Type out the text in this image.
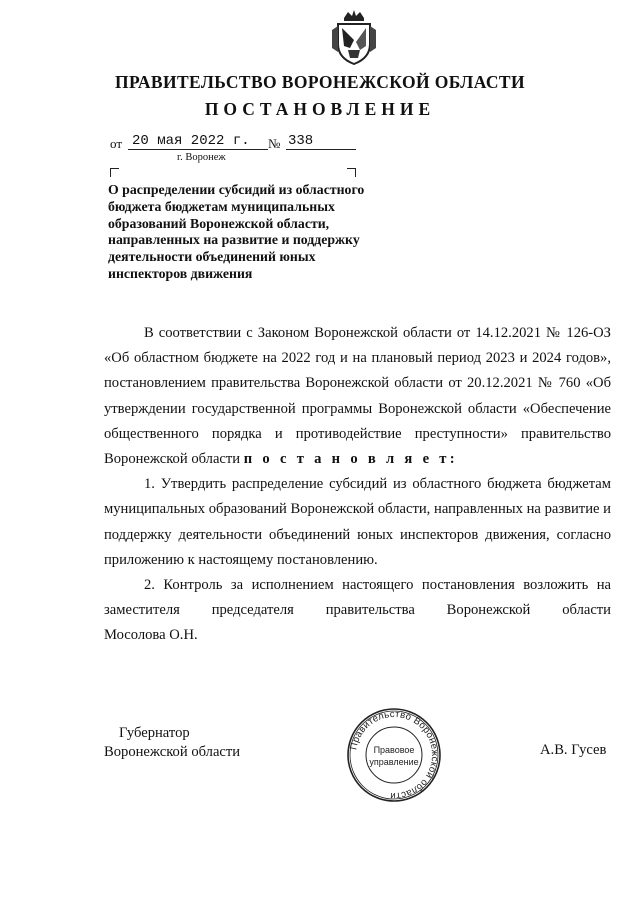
ПРАВИТЕЛЬСТВО ВОРОНЕЖСКОЙ ОБЛАСТИ
ПОСТАНОВЛЕНИЕ
от 20 мая 2022 г.	№ 338
г. Воронеж
О распределении субсидий из областного бюджета бюджетам муниципальных образований Воронежской области, направленных на развитие и поддержку деятельности объединений юных инспекторов движения

В соответствии с Законом Воронежской области от 14.12.2021 № 126-ОЗ «Об областном бюджете на 2022 год и на плановый период 2023 и 2024 годов», постановлением правительства Воронежской области от 20.12.2021 № 760 «Об утверждении государственной программы Воронежской области «Обеспечение общественного порядка и противодействие преступности» правительство Воронежской области п о с т а н о в л я е т:

1. Утвердить распределение субсидий из областного бюджета бюджетам муниципальных образований Воронежской области, направленных на развитие и поддержку деятельности объединений юных инспекторов движения, согласно приложению к настоящему постановлению.

2. Контроль за исполнением настоящего постановления возложить на заместителя председателя правительства Воронежской области

Мосолова О.Н.

Губернатор
Воронежской области	А.В. Гусев
Правительство Воронежской области
Правовое
управление
